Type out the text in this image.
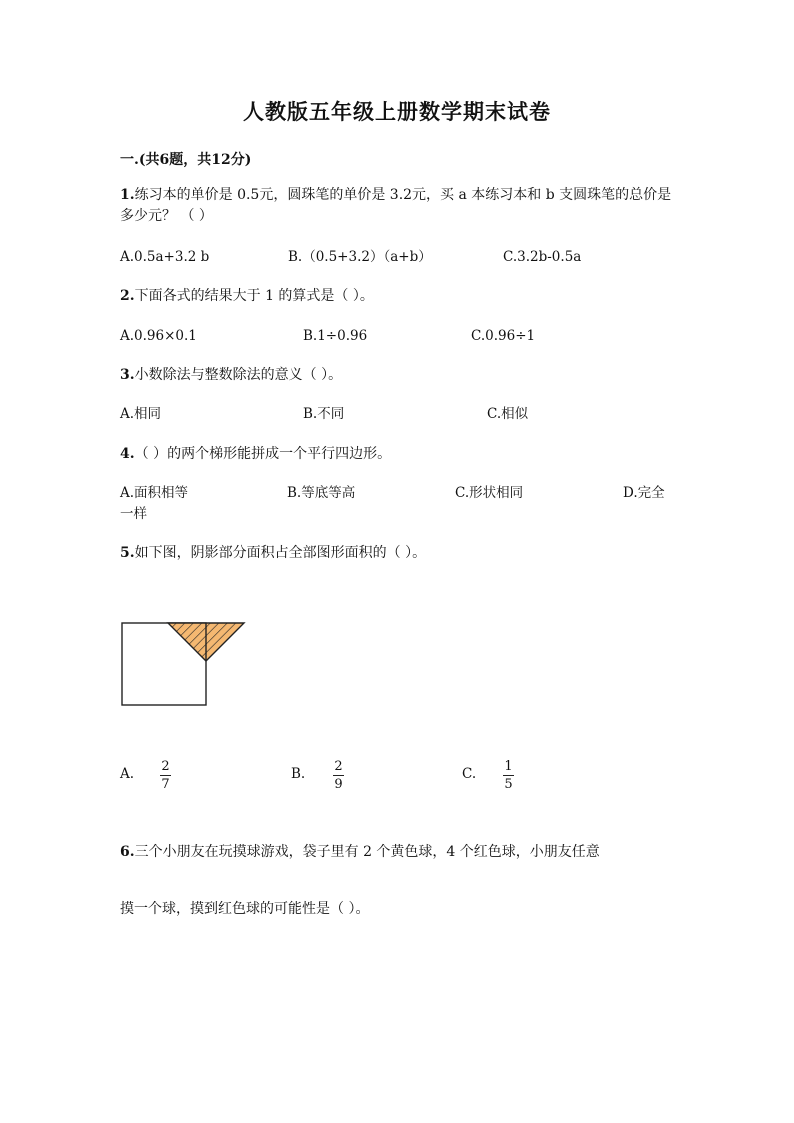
人教版五年级上册数学期末试卷
一.(共6题，共12分)
1.练习本的单价是 0.5元，圆珠笔的单价是 3.2元，买 a 本练习本和 b 支圆珠笔的总价是多少元？ （ ）
A.0.5a+3.2 b	B.（0.5+3.2）（a+b）	C.3.2b-0.5a
2.下面各式的结果大于 1 的算式是（ ）。
A.0.96×0.1	B.1÷0.96	C.0.96÷1
3.小数除法与整数除法的意义（ ）。
A.相同	B.不同	C.相似
4.（ ）的两个梯形能拼成一个平行四边形。
A.面积相等	B.等底等高	C.形状相同	D.完全
一样
5.如下图，阴影部分面积占全部图形面积的（ ）。
A. 2
7
B. 2
9
C. 1
5
6.三个小朋友在玩摸球游戏，袋子里有 2 个黄色球，4 个红色球，小朋友任意
摸一个球，摸到红色球的可能性是（ ）。
